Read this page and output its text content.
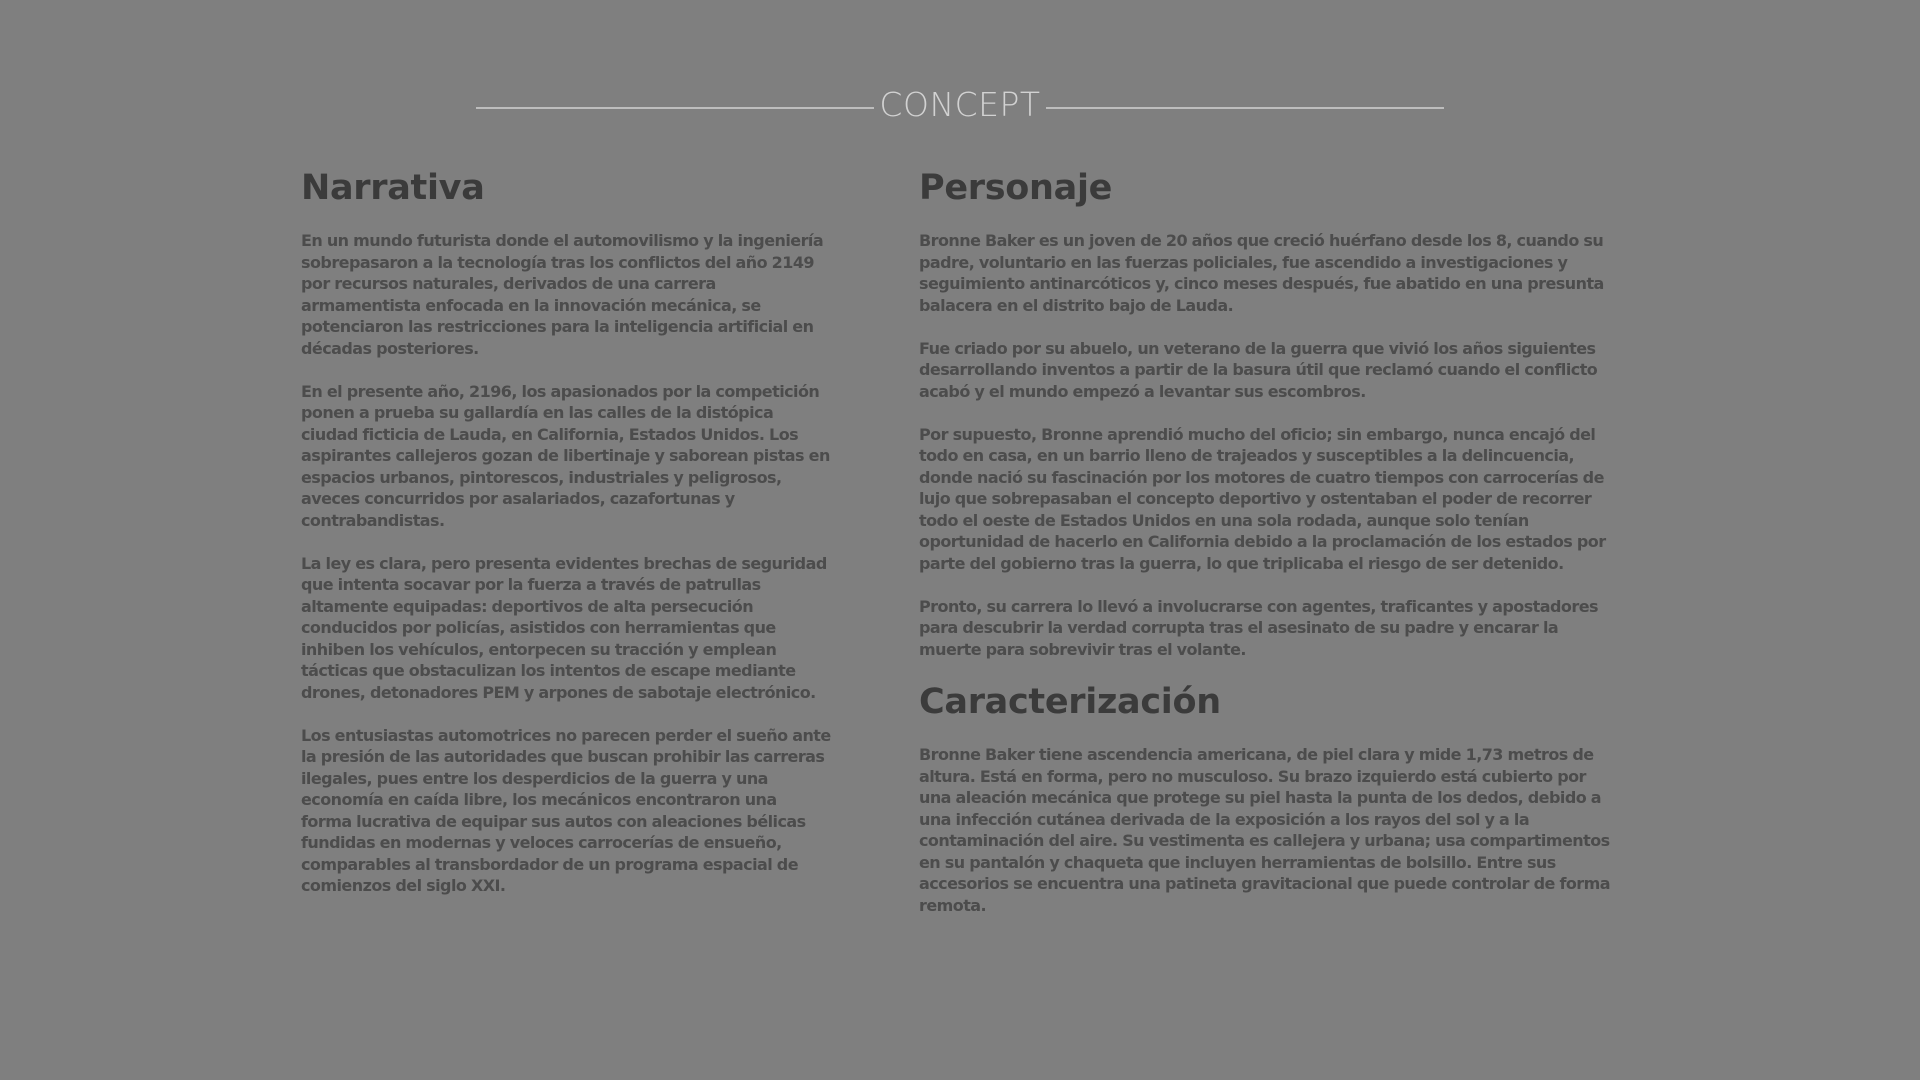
CONCEPT
Narrativa

En un mundo futurista donde el automovilismo y la ingeniería sobrepasaron a la tecnología tras los conflictos del año 2149 por recursos naturales, derivados de una carrera armamentista enfocada en la innovación mecánica, se potenciaron las restricciones para la inteligencia artificial en décadas posteriores.

En el presente año, 2196, los apasionados por la competición ponen a prueba su gallardía en las calles de la distópica ciudad ficticia de Lauda, en California, Estados Unidos. Los aspirantes callejeros gozan de libertinaje y saborean pistas en espacios urbanos, pintorescos, industriales y peligrosos, aveces concurridos por asalariados, cazafortunas y contrabandistas.

La ley es clara, pero presenta evidentes brechas de seguridad que intenta socavar por la fuerza a través de patrullas altamente equipadas: deportivos de alta persecución conducidos por policías, asistidos con herramientas que inhiben los vehículos, entorpecen su tracción y emplean tácticas que obstaculizan los intentos de escape mediante drones, detonadores PEM y arpones de sabotaje electrónico.

Los entusiastas automotrices no parecen perder el sueño ante la presión de las autoridades que buscan prohibir las carreras ilegales, pues entre los desperdicios de la guerra y una economía en caída libre, los mecánicos encontraron una forma lucrativa de equipar sus autos con aleaciones bélicas fundidas en modernas y veloces carrocerías de ensueño, comparables al transbordador de un programa espacial de comienzos del siglo XXI.

Personaje

Bronne Baker es un joven de 20 años que creció huérfano desde los 8, cuando su padre, voluntario en las fuerzas policiales, fue ascendido a investigaciones y seguimiento antinarcóticos y, cinco meses después, fue abatido en una presunta balacera en el distrito bajo de Lauda.

Fue criado por su abuelo, un veterano de la guerra que vivió los años siguientes desarrollando inventos a partir de la basura útil que reclamó cuando el conflicto acabó y el mundo empezó a levantar sus escombros.

Por supuesto, Bronne aprendió mucho del oficio; sin embargo, nunca encajó del todo en casa, en un barrio lleno de trajeados y susceptibles a la delincuencia, donde nació su fascinación por los motores de cuatro tiempos con carrocerías de lujo que sobrepasaban el concepto deportivo y ostentaban el poder de recorrer todo el oeste de Estados Unidos en una sola rodada, aunque solo tenían oportunidad de hacerlo en California debido a la proclamación de los estados por parte del gobierno tras la guerra, lo que triplicaba el riesgo de ser detenido.

Pronto, su carrera lo llevó a involucrarse con agentes, traficantes y apostadores para descubrir la verdad corrupta tras el asesinato de su padre y encarar la muerte para sobrevivir tras el volante.

Caracterización

Bronne Baker tiene ascendencia americana, de piel clara y mide 1,73 metros de altura. Está en forma, pero no musculoso. Su brazo izquierdo está cubierto por una aleación mecánica que protege su piel hasta la punta de los dedos, debido a una infección cutánea derivada de la exposición a los rayos del sol y a la contaminación del aire. Su vestimenta es callejera y urbana; usa compartimentos en su pantalón y chaqueta que incluyen herramientas de bolsillo. Entre sus accesorios se encuentra una patineta gravitacional que puede controlar de forma remota.
